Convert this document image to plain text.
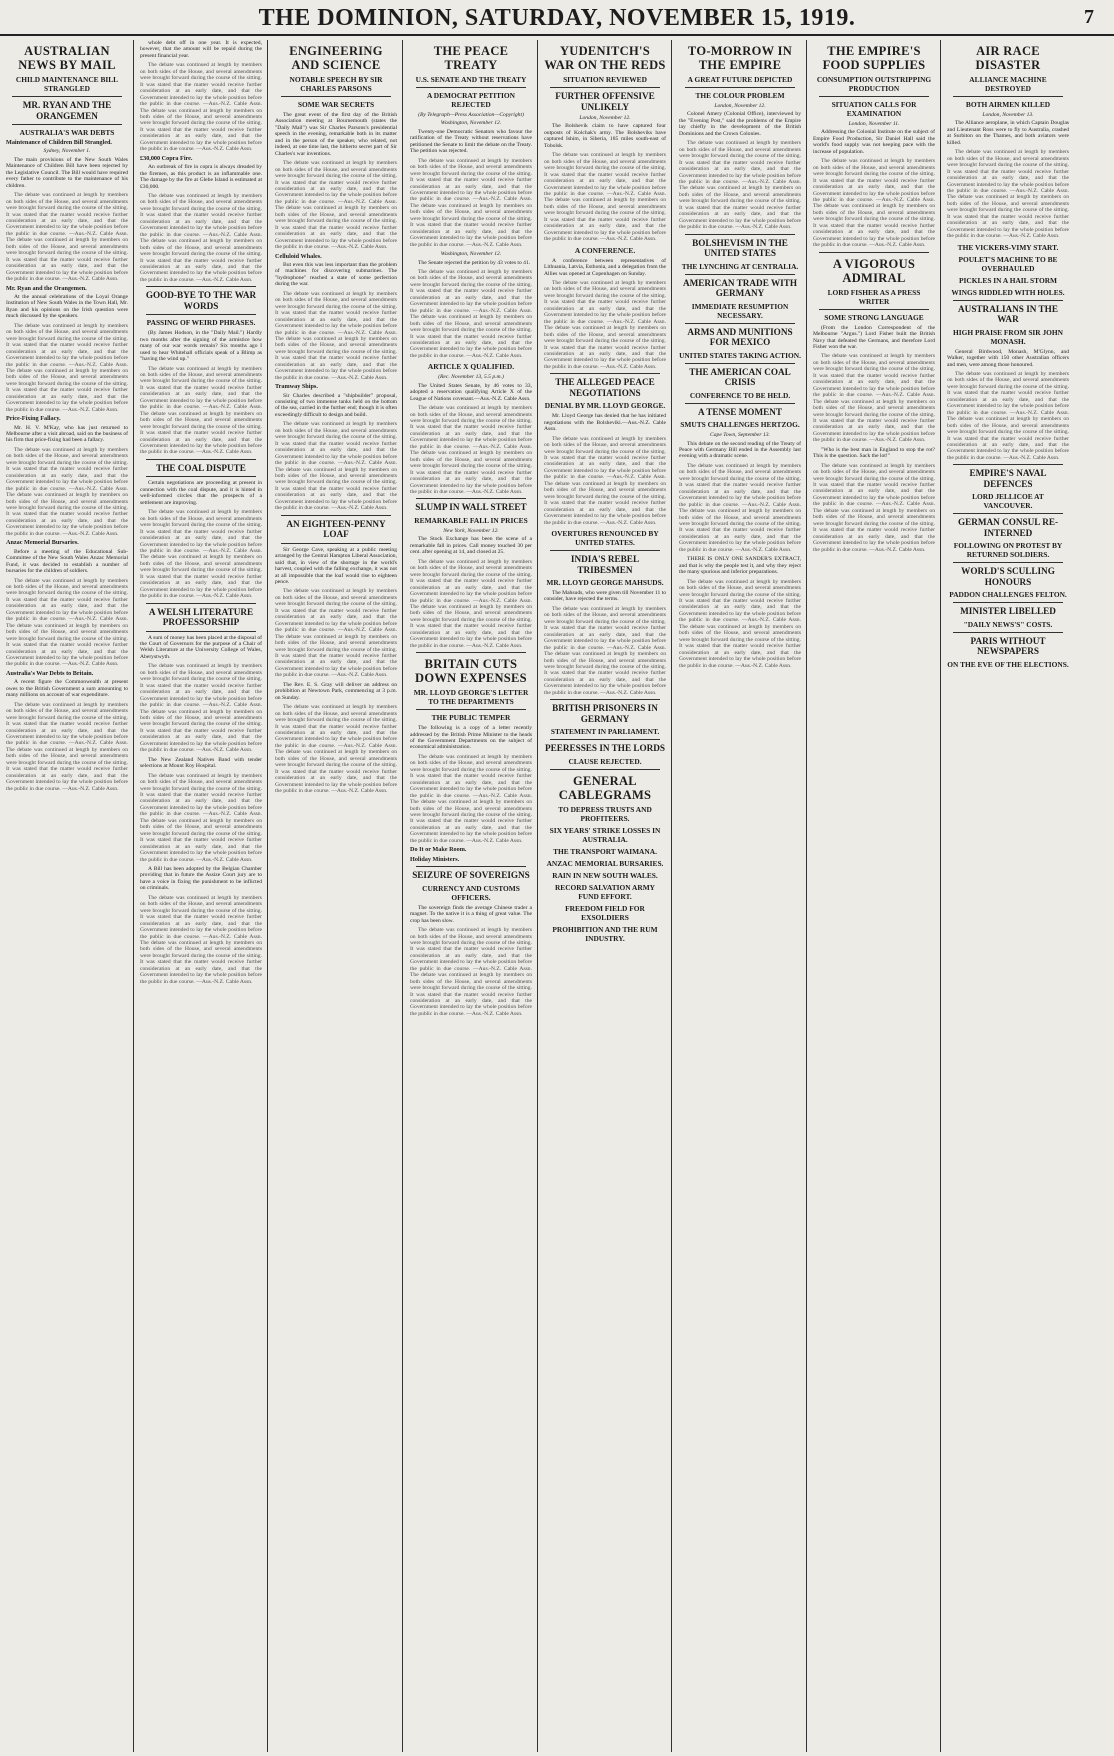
THE DOMINION, SATURDAY, NOVEMBER 15, 1919.	7
AUSTRALIAN NEWS BY MAIL
CHILD MAINTENANCE BILL STRANGLED
MR. RYAN AND THE ORANGEMEN
AUSTRALIA'S WAR DEBTS
Maintenance of Children Bill Strangled.
Sydney, November 1.

The main provisions of the New South Wales Maintenance of Children Bill have been rejected by the Legislative Council. The Bill would have required every father to contribute to the maintenance of his children.

The debate was continued at length by members on both sides of the House, and several amendments were brought forward during the course of the sitting. It was stated that the matter would receive further consideration at an early date, and that the Government intended to lay the whole position before the public in due course. —Aus.-N.Z. Cable Assn. The debate was continued at length by members on both sides of the House, and several amendments were brought forward during the course of the sitting. It was stated that the matter would receive further consideration at an early date, and that the Government intended to lay the whole position before the public in due course. —Aus.-N.Z. Cable Assn.

Mr. Ryan and the Orangemen.

At the annual celebrations of the Loyal Orange Institution of New South Wales in the Town Hall, Mr. Ryan and his opinions on the Irish question were much discussed by the speakers.

The debate was continued at length by members on both sides of the House, and several amendments were brought forward during the course of the sitting. It was stated that the matter would receive further consideration at an early date, and that the Government intended to lay the whole position before the public in due course. —Aus.-N.Z. Cable Assn. The debate was continued at length by members on both sides of the House, and several amendments were brought forward during the course of the sitting. It was stated that the matter would receive further consideration at an early date, and that the Government intended to lay the whole position before the public in due course. —Aus.-N.Z. Cable Assn.

Price-Fixing Fallacy.

Mr. H. V. M'Kay, who has just returned to Melbourne after a visit abroad, said on the business of his firm that price-fixing had been a fallacy.

The debate was continued at length by members on both sides of the House, and several amendments were brought forward during the course of the sitting. It was stated that the matter would receive further consideration at an early date, and that the Government intended to lay the whole position before the public in due course. —Aus.-N.Z. Cable Assn. The debate was continued at length by members on both sides of the House, and several amendments were brought forward during the course of the sitting. It was stated that the matter would receive further consideration at an early date, and that the Government intended to lay the whole position before the public in due course. —Aus.-N.Z. Cable Assn.

Anzac Memorial Bursaries.

Before a meeting of the Educational Sub-Committee of the New South Wales Anzac Memorial Fund, it was decided to establish a number of bursaries for the children of soldiers.

The debate was continued at length by members on both sides of the House, and several amendments were brought forward during the course of the sitting. It was stated that the matter would receive further consideration at an early date, and that the Government intended to lay the whole position before the public in due course. —Aus.-N.Z. Cable Assn. The debate was continued at length by members on both sides of the House, and several amendments were brought forward during the course of the sitting. It was stated that the matter would receive further consideration at an early date, and that the Government intended to lay the whole position before the public in due course. —Aus.-N.Z. Cable Assn.

Australia's War Debts to Britain.

A recent figure the Commonwealth at present owes to the British Government a sum amounting to many millions on account of war expenditure.

The debate was continued at length by members on both sides of the House, and several amendments were brought forward during the course of the sitting. It was stated that the matter would receive further consideration at an early date, and that the Government intended to lay the whole position before the public in due course. —Aus.-N.Z. Cable Assn. The debate was continued at length by members on both sides of the House, and several amendments were brought forward during the course of the sitting. It was stated that the matter would receive further consideration at an early date, and that the Government intended to lay the whole position before the public in due course. —Aus.-N.Z. Cable Assn.

whole debt off in one year. It is expected, however, that the amount will be repaid during the present financial year.

The debate was continued at length by members on both sides of the House, and several amendments were brought forward during the course of the sitting. It was stated that the matter would receive further consideration at an early date, and that the Government intended to lay the whole position before the public in due course. —Aus.-N.Z. Cable Assn. The debate was continued at length by members on both sides of the House, and several amendments were brought forward during the course of the sitting. It was stated that the matter would receive further consideration at an early date, and that the Government intended to lay the whole position before the public in due course. —Aus.-N.Z. Cable Assn.

£30,000 Copra Fire.

An outbreak of fire in copra is always dreaded by the firemen, as this product is an inflammable one. The damage by the fire at Glebe Island is estimated at £30,000.

The debate was continued at length by members on both sides of the House, and several amendments were brought forward during the course of the sitting. It was stated that the matter would receive further consideration at an early date, and that the Government intended to lay the whole position before the public in due course. —Aus.-N.Z. Cable Assn. The debate was continued at length by members on both sides of the House, and several amendments were brought forward during the course of the sitting. It was stated that the matter would receive further consideration at an early date, and that the Government intended to lay the whole position before the public in due course. —Aus.-N.Z. Cable Assn.

GOOD-BYE TO THE WAR WORDS
PASSING OF WEIRD PHRASES.

(By James Hodson, in the "Daily Mail.") Hardly two months after the signing of the armistice how many of our war words remain? Six months ago I used to hear Whitehall officials speak of a Blimp as "having the wind up."

The debate was continued at length by members on both sides of the House, and several amendments were brought forward during the course of the sitting. It was stated that the matter would receive further consideration at an early date, and that the Government intended to lay the whole position before the public in due course. —Aus.-N.Z. Cable Assn. The debate was continued at length by members on both sides of the House, and several amendments were brought forward during the course of the sitting. It was stated that the matter would receive further consideration at an early date, and that the Government intended to lay the whole position before the public in due course. —Aus.-N.Z. Cable Assn.

THE COAL DISPUTE

Certain negotiations are proceeding at present in connection with the coal dispute, and it is hinted in well-informed circles that the prospects of a settlement are improving.

The debate was continued at length by members on both sides of the House, and several amendments were brought forward during the course of the sitting. It was stated that the matter would receive further consideration at an early date, and that the Government intended to lay the whole position before the public in due course. —Aus.-N.Z. Cable Assn. The debate was continued at length by members on both sides of the House, and several amendments were brought forward during the course of the sitting. It was stated that the matter would receive further consideration at an early date, and that the Government intended to lay the whole position before the public in due course. —Aus.-N.Z. Cable Assn.

A WELSH LITERATURE PROFESSORSHIP

A sum of money has been placed at the disposal of the Court of Governors for the purpose of a Chair of Welsh Literature at the University College of Wales, Aberystwyth.

The debate was continued at length by members on both sides of the House, and several amendments were brought forward during the course of the sitting. It was stated that the matter would receive further consideration at an early date, and that the Government intended to lay the whole position before the public in due course. —Aus.-N.Z. Cable Assn. The debate was continued at length by members on both sides of the House, and several amendments were brought forward during the course of the sitting. It was stated that the matter would receive further consideration at an early date, and that the Government intended to lay the whole position before the public in due course. —Aus.-N.Z. Cable Assn.

The New Zealand Natives Band with tender selections at Mount Roy Hospital.

The debate was continued at length by members on both sides of the House, and several amendments were brought forward during the course of the sitting. It was stated that the matter would receive further consideration at an early date, and that the Government intended to lay the whole position before the public in due course. —Aus.-N.Z. Cable Assn. The debate was continued at length by members on both sides of the House, and several amendments were brought forward during the course of the sitting. It was stated that the matter would receive further consideration at an early date, and that the Government intended to lay the whole position before the public in due course. —Aus.-N.Z. Cable Assn.

A Bill has been adopted by the Belgian Chamber providing that in future the Assize Court jury are to have a voice in fixing the punishment to be inflicted on criminals.

The debate was continued at length by members on both sides of the House, and several amendments were brought forward during the course of the sitting. It was stated that the matter would receive further consideration at an early date, and that the Government intended to lay the whole position before the public in due course. —Aus.-N.Z. Cable Assn. The debate was continued at length by members on both sides of the House, and several amendments were brought forward during the course of the sitting. It was stated that the matter would receive further consideration at an early date, and that the Government intended to lay the whole position before the public in due course. —Aus.-N.Z. Cable Assn.

ENGINEERING AND SCIENCE
NOTABLE SPEECH BY SIR CHARLES PARSONS
SOME WAR SECRETS

The great event of the first day of the British Association meeting at Bournemouth (states the "Daily Mail") was Sir Charles Parsons's presidential speech in the evening, remarkable both in its matter and in the person of the speaker, who related, not indeed, at one time last, the hitherto secret part of Sir Charles's war inventions.

The debate was continued at length by members on both sides of the House, and several amendments were brought forward during the course of the sitting. It was stated that the matter would receive further consideration at an early date, and that the Government intended to lay the whole position before the public in due course. —Aus.-N.Z. Cable Assn. The debate was continued at length by members on both sides of the House, and several amendments were brought forward during the course of the sitting. It was stated that the matter would receive further consideration at an early date, and that the Government intended to lay the whole position before the public in due course. —Aus.-N.Z. Cable Assn.

Celluloid Whales.

But even this was less important than the problem of machines for discovering submarines. The "hydrophone" reached a state of some perfection during the war.

The debate was continued at length by members on both sides of the House, and several amendments were brought forward during the course of the sitting. It was stated that the matter would receive further consideration at an early date, and that the Government intended to lay the whole position before the public in due course. —Aus.-N.Z. Cable Assn. The debate was continued at length by members on both sides of the House, and several amendments were brought forward during the course of the sitting. It was stated that the matter would receive further consideration at an early date, and that the Government intended to lay the whole position before the public in due course. —Aus.-N.Z. Cable Assn.

Tramway Ships.

Sir Charles described a "shipbuilder" proposal, consisting of two immense tanks held on the bottom of the sea, carried in the further end; though it is often exceedingly difficult to design and build.

The debate was continued at length by members on both sides of the House, and several amendments were brought forward during the course of the sitting. It was stated that the matter would receive further consideration at an early date, and that the Government intended to lay the whole position before the public in due course. —Aus.-N.Z. Cable Assn. The debate was continued at length by members on both sides of the House, and several amendments were brought forward during the course of the sitting. It was stated that the matter would receive further consideration at an early date, and that the Government intended to lay the whole position before the public in due course. —Aus.-N.Z. Cable Assn.

AN EIGHTEEN-PENNY LOAF

Sir George Cave, speaking at a public meeting arranged by the Central Hampton Liberal Association, said that, in view of the shortage in the world's harvest, coupled with the falling exchange, it was not at all impossible that the loaf would rise to eighteen pence.

The debate was continued at length by members on both sides of the House, and several amendments were brought forward during the course of the sitting. It was stated that the matter would receive further consideration at an early date, and that the Government intended to lay the whole position before the public in due course. —Aus.-N.Z. Cable Assn. The debate was continued at length by members on both sides of the House, and several amendments were brought forward during the course of the sitting. It was stated that the matter would receive further consideration at an early date, and that the Government intended to lay the whole position before the public in due course. —Aus.-N.Z. Cable Assn.

The Rev. E. S. Gray will deliver an address on prohibition at Newtown Park, commencing at 3 p.m. on Sunday.

The debate was continued at length by members on both sides of the House, and several amendments were brought forward during the course of the sitting. It was stated that the matter would receive further consideration at an early date, and that the Government intended to lay the whole position before the public in due course. —Aus.-N.Z. Cable Assn. The debate was continued at length by members on both sides of the House, and several amendments were brought forward during the course of the sitting. It was stated that the matter would receive further consideration at an early date, and that the Government intended to lay the whole position before the public in due course. —Aus.-N.Z. Cable Assn.

THE PEACE TREATY
U.S. SENATE AND THE TREATY
A DEMOCRAT PETITION REJECTED
(By Telegraph—Press Association—Copyright)
Washington, November 12.

Twenty-one Democratic Senators who favour the ratification of the Treaty without reservations have petitioned the Senate to limit the debate on the Treaty. The petition was rejected.

The debate was continued at length by members on both sides of the House, and several amendments were brought forward during the course of the sitting. It was stated that the matter would receive further consideration at an early date, and that the Government intended to lay the whole position before the public in due course. —Aus.-N.Z. Cable Assn. The debate was continued at length by members on both sides of the House, and several amendments were brought forward during the course of the sitting. It was stated that the matter would receive further consideration at an early date, and that the Government intended to lay the whole position before the public in due course. —Aus.-N.Z. Cable Assn.

Washington, November 12.

The Senate rejected the petition by 43 votes to 41.

The debate was continued at length by members on both sides of the House, and several amendments were brought forward during the course of the sitting. It was stated that the matter would receive further consideration at an early date, and that the Government intended to lay the whole position before the public in due course. —Aus.-N.Z. Cable Assn. The debate was continued at length by members on both sides of the House, and several amendments were brought forward during the course of the sitting. It was stated that the matter would receive further consideration at an early date, and that the Government intended to lay the whole position before the public in due course. —Aus.-N.Z. Cable Assn.

ARTICLE X QUALIFIED.
(Rec. November 13, 5.5 p.m.)

The United States Senate, by 46 votes to 33, adopted a reservation qualifying Article X of the League of Nations covenant.—Aus.-N.Z. Cable Assn.

The debate was continued at length by members on both sides of the House, and several amendments were brought forward during the course of the sitting. It was stated that the matter would receive further consideration at an early date, and that the Government intended to lay the whole position before the public in due course. —Aus.-N.Z. Cable Assn. The debate was continued at length by members on both sides of the House, and several amendments were brought forward during the course of the sitting. It was stated that the matter would receive further consideration at an early date, and that the Government intended to lay the whole position before the public in due course. —Aus.-N.Z. Cable Assn.

SLUMP IN WALL STREET
REMARKABLE FALL IN PRICES
New York, November 12.

The Stock Exchange has been the scene of a remarkable fall in prices. Call money touched 30 per cent. after opening at 14, and closed at 25.

The debate was continued at length by members on both sides of the House, and several amendments were brought forward during the course of the sitting. It was stated that the matter would receive further consideration at an early date, and that the Government intended to lay the whole position before the public in due course. —Aus.-N.Z. Cable Assn. The debate was continued at length by members on both sides of the House, and several amendments were brought forward during the course of the sitting. It was stated that the matter would receive further consideration at an early date, and that the Government intended to lay the whole position before the public in due course. —Aus.-N.Z. Cable Assn.

BRITAIN CUTS DOWN EXPENSES
MR. LLOYD GEORGE'S LETTER TO THE DEPARTMENTS
THE PUBLIC TEMPER

The following is a copy of a letter recently addressed by the British Prime Minister to the heads of the Government Departments on the subject of economical administration.

The debate was continued at length by members on both sides of the House, and several amendments were brought forward during the course of the sitting. It was stated that the matter would receive further consideration at an early date, and that the Government intended to lay the whole position before the public in due course. —Aus.-N.Z. Cable Assn. The debate was continued at length by members on both sides of the House, and several amendments were brought forward during the course of the sitting. It was stated that the matter would receive further consideration at an early date, and that the Government intended to lay the whole position before the public in due course. —Aus.-N.Z. Cable Assn.

Do It or Make Room.
Holiday Ministers.
SEIZURE OF SOVEREIGNS
CURRENCY AND CUSTOMS OFFICERS.

The sovereign finds the average Chinese trader a magnet. To the native it is a thing of great value. The crop has been slow.

The debate was continued at length by members on both sides of the House, and several amendments were brought forward during the course of the sitting. It was stated that the matter would receive further consideration at an early date, and that the Government intended to lay the whole position before the public in due course. —Aus.-N.Z. Cable Assn. The debate was continued at length by members on both sides of the House, and several amendments were brought forward during the course of the sitting. It was stated that the matter would receive further consideration at an early date, and that the Government intended to lay the whole position before the public in due course. —Aus.-N.Z. Cable Assn.

YUDENITCH'S WAR ON THE REDS
SITUATION REVIEWED
FURTHER OFFENSIVE UNLIKELY
London, November 12.

The Bolshevik claim to have captured four outposts of Kolchak's army. The Bolsheviks have captured Ishim, in Siberia, 185 miles south-east of Tobolsk.

The debate was continued at length by members on both sides of the House, and several amendments were brought forward during the course of the sitting. It was stated that the matter would receive further consideration at an early date, and that the Government intended to lay the whole position before the public in due course. —Aus.-N.Z. Cable Assn. The debate was continued at length by members on both sides of the House, and several amendments were brought forward during the course of the sitting. It was stated that the matter would receive further consideration at an early date, and that the Government intended to lay the whole position before the public in due course. —Aus.-N.Z. Cable Assn.

A CONFERENCE.

A conference between representatives of Lithuania, Latvia, Esthonia, and a delegation from the Allies was opened at Copenhagen on Sunday.

The debate was continued at length by members on both sides of the House, and several amendments were brought forward during the course of the sitting. It was stated that the matter would receive further consideration at an early date, and that the Government intended to lay the whole position before the public in due course. —Aus.-N.Z. Cable Assn. The debate was continued at length by members on both sides of the House, and several amendments were brought forward during the course of the sitting. It was stated that the matter would receive further consideration at an early date, and that the Government intended to lay the whole position before the public in due course. —Aus.-N.Z. Cable Assn.

THE ALLEGED PEACE NEGOTIATIONS
DENIAL BY MR. LLOYD GEORGE.

Mr. Lloyd George has denied that he has initiated negotiations with the Bolsheviki.—Aus.-N.Z. Cable Assn.

The debate was continued at length by members on both sides of the House, and several amendments were brought forward during the course of the sitting. It was stated that the matter would receive further consideration at an early date, and that the Government intended to lay the whole position before the public in due course. —Aus.-N.Z. Cable Assn. The debate was continued at length by members on both sides of the House, and several amendments were brought forward during the course of the sitting. It was stated that the matter would receive further consideration at an early date, and that the Government intended to lay the whole position before the public in due course. —Aus.-N.Z. Cable Assn.

OVERTURES RENOUNCED BY UNITED STATES.
INDIA'S REBEL TRIBESMEN
MR. LLOYD GEORGE MAHSUDS.

The Mahsuds, who were given till November 11 to consider, have rejected the terms.

The debate was continued at length by members on both sides of the House, and several amendments were brought forward during the course of the sitting. It was stated that the matter would receive further consideration at an early date, and that the Government intended to lay the whole position before the public in due course. —Aus.-N.Z. Cable Assn. The debate was continued at length by members on both sides of the House, and several amendments were brought forward during the course of the sitting. It was stated that the matter would receive further consideration at an early date, and that the Government intended to lay the whole position before the public in due course. —Aus.-N.Z. Cable Assn.

BRITISH PRISONERS IN GERMANY
STATEMENT IN PARLIAMENT.
PEERESSES IN THE LORDS
CLAUSE REJECTED.
GENERAL CABLEGRAMS
TO DEPRESS TRUSTS AND PROFITEERS.
SIX YEARS' STRIKE LOSSES IN AUSTRALIA.
THE TRANSPORT WAIMANA.
ANZAC MEMORIAL BURSARIES.
RAIN IN NEW SOUTH WALES.
RECORD SALVATION ARMY FUND EFFORT.
FREEDOM FIELD FOR EXSOLDIERS
PROHIBITION AND THE RUM INDUSTRY.
TO-MORROW IN THE EMPIRE
A GREAT FUTURE DEPICTED
THE COLOUR PROBLEM
London, November 12.

Colonel Amery (Colonial Office), interviewed by the "Evening Post," said the problems of the Empire lay chiefly in the development of the British Dominions and the Crown Colonies.

The debate was continued at length by members on both sides of the House, and several amendments were brought forward during the course of the sitting. It was stated that the matter would receive further consideration at an early date, and that the Government intended to lay the whole position before the public in due course. —Aus.-N.Z. Cable Assn. The debate was continued at length by members on both sides of the House, and several amendments were brought forward during the course of the sitting. It was stated that the matter would receive further consideration at an early date, and that the Government intended to lay the whole position before the public in due course. —Aus.-N.Z. Cable Assn.

BOLSHEVISM IN THE UNITED STATES
THE LYNCHING AT CENTRALIA.
AMERICAN TRADE WITH GERMANY
IMMEDIATE RESUMPTION NECESSARY.
ARMS AND MUNITIONS FOR MEXICO
UNITED STATES TAKING ACTION.
THE AMERICAN COAL CRISIS
CONFERENCE TO BE HELD.
A TENSE MOMENT
SMUTS CHALLENGES HERTZOG.
Cape Town, September 13.

This debate on the second reading of the Treaty of Peace with Germany Bill ended in the Assembly last evening with a dramatic scene.

The debate was continued at length by members on both sides of the House, and several amendments were brought forward during the course of the sitting. It was stated that the matter would receive further consideration at an early date, and that the Government intended to lay the whole position before the public in due course. —Aus.-N.Z. Cable Assn. The debate was continued at length by members on both sides of the House, and several amendments were brought forward during the course of the sitting. It was stated that the matter would receive further consideration at an early date, and that the Government intended to lay the whole position before the public in due course. —Aus.-N.Z. Cable Assn.

THERE IS ONLY ONE SANDER'S EXTRACT, and that is why the people test it, and why they reject the many spurious and inferior preparations.

The debate was continued at length by members on both sides of the House, and several amendments were brought forward during the course of the sitting. It was stated that the matter would receive further consideration at an early date, and that the Government intended to lay the whole position before the public in due course. —Aus.-N.Z. Cable Assn. The debate was continued at length by members on both sides of the House, and several amendments were brought forward during the course of the sitting. It was stated that the matter would receive further consideration at an early date, and that the Government intended to lay the whole position before the public in due course. —Aus.-N.Z. Cable Assn.

THE EMPIRE'S FOOD SUPPLIES
CONSUMPTION OUTSTRIPPING PRODUCTION
SITUATION CALLS FOR EXAMINATION
London, November 11.

Addressing the Colonial Institute on the subject of Empire Food Production, Sir Daniel Hall said the world's food supply was not keeping pace with the increase of population.

The debate was continued at length by members on both sides of the House, and several amendments were brought forward during the course of the sitting. It was stated that the matter would receive further consideration at an early date, and that the Government intended to lay the whole position before the public in due course. —Aus.-N.Z. Cable Assn. The debate was continued at length by members on both sides of the House, and several amendments were brought forward during the course of the sitting. It was stated that the matter would receive further consideration at an early date, and that the Government intended to lay the whole position before the public in due course. —Aus.-N.Z. Cable Assn.

A VIGOROUS ADMIRAL
LORD FISHER AS A PRESS WRITER
SOME STRONG LANGUAGE

(From the London Correspondent of the Melbourne "Argus.") Lord Fisher built the British Navy that defeated the Germans, and therefore Lord Fisher won the war.

The debate was continued at length by members on both sides of the House, and several amendments were brought forward during the course of the sitting. It was stated that the matter would receive further consideration at an early date, and that the Government intended to lay the whole position before the public in due course. —Aus.-N.Z. Cable Assn. The debate was continued at length by members on both sides of the House, and several amendments were brought forward during the course of the sitting. It was stated that the matter would receive further consideration at an early date, and that the Government intended to lay the whole position before the public in due course. —Aus.-N.Z. Cable Assn.

"Who is the best man in England to stop the rot? This is the question. Sack the lot!"

The debate was continued at length by members on both sides of the House, and several amendments were brought forward during the course of the sitting. It was stated that the matter would receive further consideration at an early date, and that the Government intended to lay the whole position before the public in due course. —Aus.-N.Z. Cable Assn. The debate was continued at length by members on both sides of the House, and several amendments were brought forward during the course of the sitting. It was stated that the matter would receive further consideration at an early date, and that the Government intended to lay the whole position before the public in due course. —Aus.-N.Z. Cable Assn.

AIR RACE DISASTER
ALLIANCE MACHINE DESTROYED
BOTH AIRMEN KILLED
London, November 13.

The Alliance aeroplane, in which Captain Douglas and Lieutenant Ross were to fly to Australia, crashed at Surbiton on the Thames, and both aviators were killed.

The debate was continued at length by members on both sides of the House, and several amendments were brought forward during the course of the sitting. It was stated that the matter would receive further consideration at an early date, and that the Government intended to lay the whole position before the public in due course. —Aus.-N.Z. Cable Assn. The debate was continued at length by members on both sides of the House, and several amendments were brought forward during the course of the sitting. It was stated that the matter would receive further consideration at an early date, and that the Government intended to lay the whole position before the public in due course. —Aus.-N.Z. Cable Assn.

THE VICKERS-VIMY START.
POULET'S MACHINE TO BE OVERHAULED
PICKLES IN A HAIL STORM
WINGS RIDDLED WITH HOLES.
AUSTRALIANS IN THE WAR
HIGH PRAISE FROM SIR JOHN MONASH.

General Birdwood, Monash, M'Glynn, and Walker, together with 150 other Australian officers and men, were among those honoured.

The debate was continued at length by members on both sides of the House, and several amendments were brought forward during the course of the sitting. It was stated that the matter would receive further consideration at an early date, and that the Government intended to lay the whole position before the public in due course. —Aus.-N.Z. Cable Assn. The debate was continued at length by members on both sides of the House, and several amendments were brought forward during the course of the sitting. It was stated that the matter would receive further consideration at an early date, and that the Government intended to lay the whole position before the public in due course. —Aus.-N.Z. Cable Assn.

EMPIRE'S NAVAL DEFENCES
LORD JELLICOE AT VANCOUVER.
GERMAN CONSUL RE-INTERNED
FOLLOWING ON PROTEST BY RETURNED SOLDIERS.
WORLD'S SCULLING HONOURS
PADDON CHALLENGES FELTON.
MINISTER LIBELLED
"DAILY NEWS'S" COSTS.
PARIS WITHOUT NEWSPAPERS
ON THE EVE OF THE ELECTIONS.
